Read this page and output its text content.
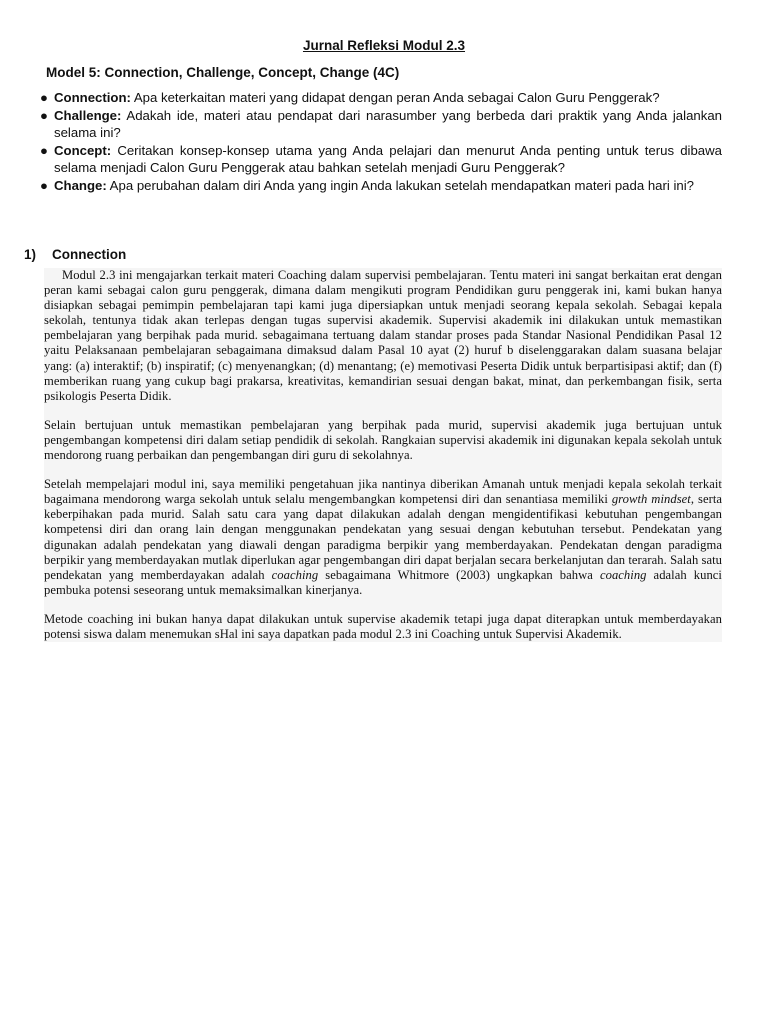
Jurnal Refleksi Modul 2.3
Model 5: Connection, Challenge, Concept, Change (4C)
● Connection: Apa keterkaitan materi yang didapat dengan peran Anda sebagai Calon Guru Penggerak?
● Challenge: Adakah ide, materi atau pendapat dari narasumber yang berbeda dari praktik yang Anda jalankan selama ini?
● Concept: Ceritakan konsep-konsep utama yang Anda pelajari dan menurut Anda penting untuk terus dibawa selama menjadi Calon Guru Penggerak atau bahkan setelah menjadi Guru Penggerak?
● Change: Apa perubahan dalam diri Anda yang ingin Anda lakukan setelah mendapatkan materi pada hari ini?
1) Connection

Modul 2.3 ini mengajarkan terkait materi Coaching dalam supervisi pembelajaran. Tentu materi ini sangat berkaitan erat dengan peran kami sebagai calon guru penggerak, dimana dalam mengikuti program Pendidikan guru penggerak ini, kami bukan hanya disiapkan sebagai pemimpin pembelajaran tapi kami juga dipersiapkan untuk menjadi seorang kepala sekolah. Sebagai kepala sekolah, tentunya tidak akan terlepas dengan tugas supervisi akademik. Supervisi akademik ini dilakukan untuk memastikan pembelajaran yang berpihak pada murid. sebagaimana tertuang dalam standar proses pada Standar Nasional Pendidikan Pasal 12 yaitu Pelaksanaan pembelajaran sebagaimana dimaksud dalam Pasal 10 ayat (2) huruf b diselenggarakan dalam suasana belajar yang: (a) interaktif; (b) inspiratif; (c) menyenangkan; (d) menantang; (e) memotivasi Peserta Didik untuk berpartisipasi aktif; dan (f) memberikan ruang yang cukup bagi prakarsa, kreativitas, kemandirian sesuai dengan bakat, minat, dan perkembangan fisik, serta psikologis Peserta Didik.

Selain bertujuan untuk memastikan pembelajaran yang berpihak pada murid, supervisi akademik juga bertujuan untuk pengembangan kompetensi diri dalam setiap pendidik di sekolah. Rangkaian supervisi akademik ini digunakan kepala sekolah untuk mendorong ruang perbaikan dan pengembangan diri guru di sekolahnya.

Setelah mempelajari modul ini, saya memiliki pengetahuan jika nantinya diberikan Amanah untuk menjadi kepala sekolah terkait bagaimana mendorong warga sekolah untuk selalu mengembangkan kompetensi diri dan senantiasa memiliki growth mindset, serta keberpihakan pada murid. Salah satu cara yang dapat dilakukan adalah dengan mengidentifikasi kebutuhan pengembangan kompetensi diri dan orang lain dengan menggunakan pendekatan yang sesuai dengan kebutuhan tersebut. Pendekatan yang digunakan adalah pendekatan yang diawali dengan paradigma berpikir yang memberdayakan. Pendekatan dengan paradigma berpikir yang memberdayakan mutlak diperlukan agar pengembangan diri dapat berjalan secara berkelanjutan dan terarah. Salah satu pendekatan yang memberdayakan adalah coaching sebagaimana Whitmore (2003) ungkapkan bahwa coaching adalah kunci pembuka potensi seseorang untuk memaksimalkan kinerjanya.

Metode coaching ini bukan hanya dapat dilakukan untuk supervise akademik tetapi juga dapat diterapkan untuk memberdayakan potensi siswa dalam menemukan sHal ini saya dapatkan pada modul 2.3 ini Coaching untuk Supervisi Akademik.
